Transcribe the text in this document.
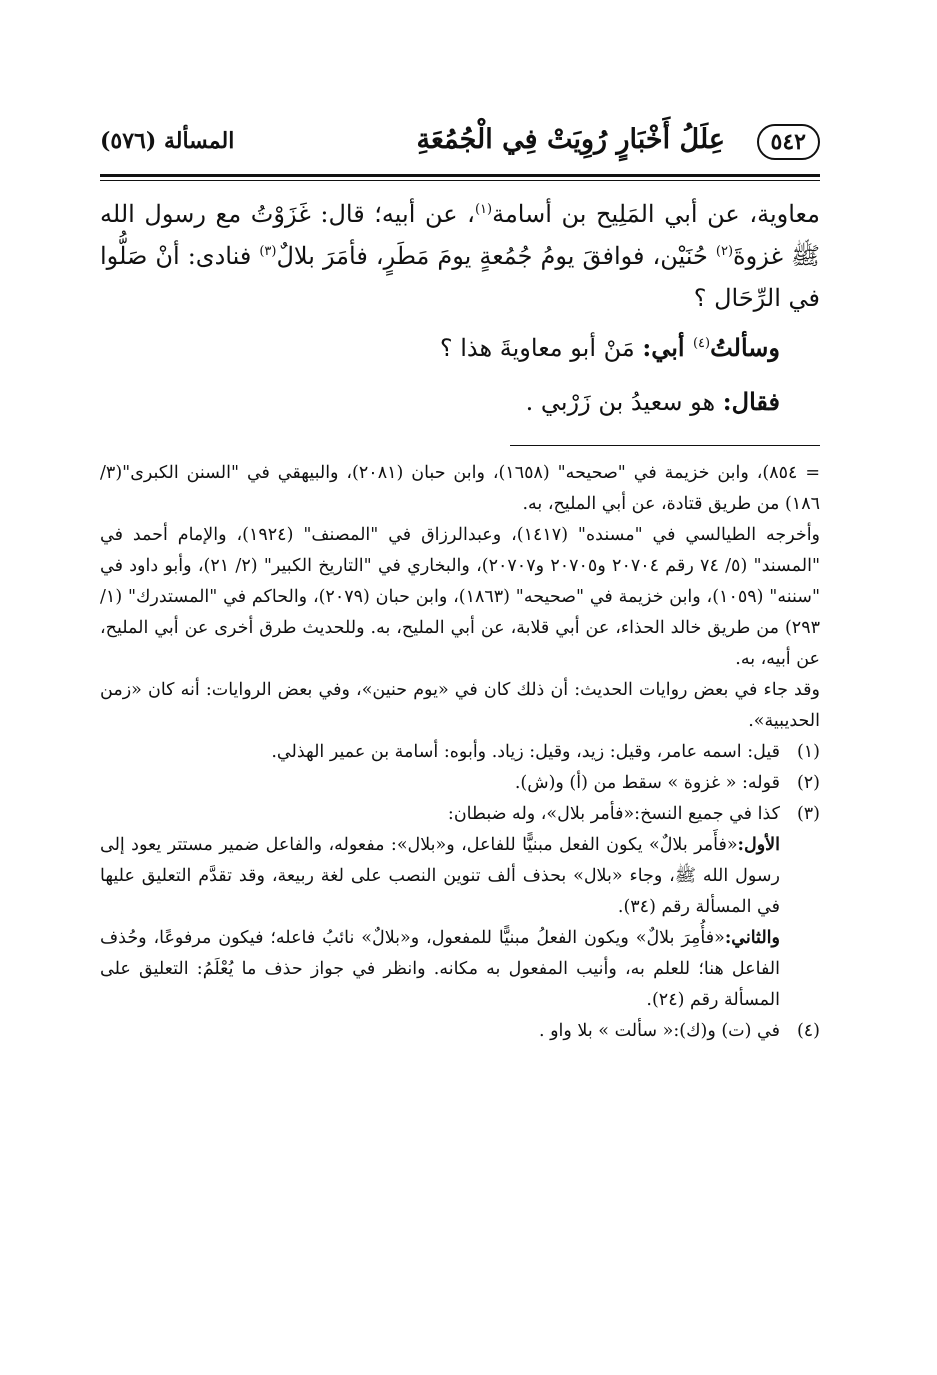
٥٤٢
عِلَلُ أَخْبَارٍ رُوِيَتْ فِي الْجُمُعَةِ
المسألة (٥٧٦)

معاوية، عن أبي المَلِيح بن أسامة$^{(١)}$، عن أبيه؛ قال: غَزَوْتُ مع رسول الله ﷺ غزوةَ$^{(٢)}$ حُنَيْن، فوافقَ يومُ جُمُعةٍ يومَ مَطَرٍ، فأمَرَ بلالٌ$^{(٣)}$ فنادى: أنْ صَلُّوا في الرِّحَال ؟

وسألتُ$^{(٤)}$ أبي: مَنْ أبو معاويةَ هذا ؟

فقال: هو سعيدُ بن زَرْبي .

= ٨٥٤)، وابن خزيمة في "صحيحه" (١٦٥٨)، وابن حبان (٢٠٨١)، والبيهقي في "السنن الكبرى"(٣/ ١٨٦) من طريق قتادة، عن أبي المليح، به.

وأخرجه الطيالسي في "مسنده" (١٤١٧)، وعبدالرزاق في "المصنف" (١٩٢٤)، والإمام أحمد في "المسند" (٥/ ٧٤ رقم ٢٠٧٠٤ و٢٠٧٠٥ و٢٠٧٠٧)، والبخاري في "التاريخ الكبير" (٢/ ٢١)، وأبو داود في "سننه" (١٠٥٩)، وابن خزيمة في "صحيحه" (١٨٦٣)، وابن حبان (٢٠٧٩)، والحاكم في "المستدرك" (١/ ٢٩٣) من طريق خالد الحذاء، عن أبي قلابة، عن أبي المليح، به. وللحديث طرق أخرى عن أبي المليح، عن أبيه، به.

وقد جاء في بعض روايات الحديث: أن ذلك كان في «يوم حنين»، وفي بعض الروايات: أنه كان «زمن الحديبية».

(١)
قيل: اسمه عامر، وقيل: زيد، وقيل: زياد. وأبوه: أسامة بن عمير الهذلي.
(٢)
قوله: « غزوة » سقط من (أ) و(ش).
(٣)
كذا في جميع النسخ:«فأمر بلال»، وله ضبطان:

الأول:«فأَمر بلالٌ» يكون الفعل مبنيًّا للفاعل، و«بلال»: مفعوله، والفاعل ضمير مستتر يعود إلى رسول الله ﷺ، وجاء «بلال» بحذف ألف تنوين النصب على لغة ربيعة، وقد تقدَّم التعليق عليها في المسألة رقم (٣٤).

والثاني:«فأُمِرَ بلالٌ» ويكون الفعلُ مبنيًّا للمفعول، و«بلالٌ» نائبُ فاعله؛ فيكون مرفوعًا، وحُذف الفاعل هنا؛ للعلم به، وأنيب المفعول به مكانه. وانظر في جواز حذف ما يُعْلَمُ: التعليق على المسألة رقم (٢٤).

(٤)
في (ت) و(ك):« سألت » بلا واو .
